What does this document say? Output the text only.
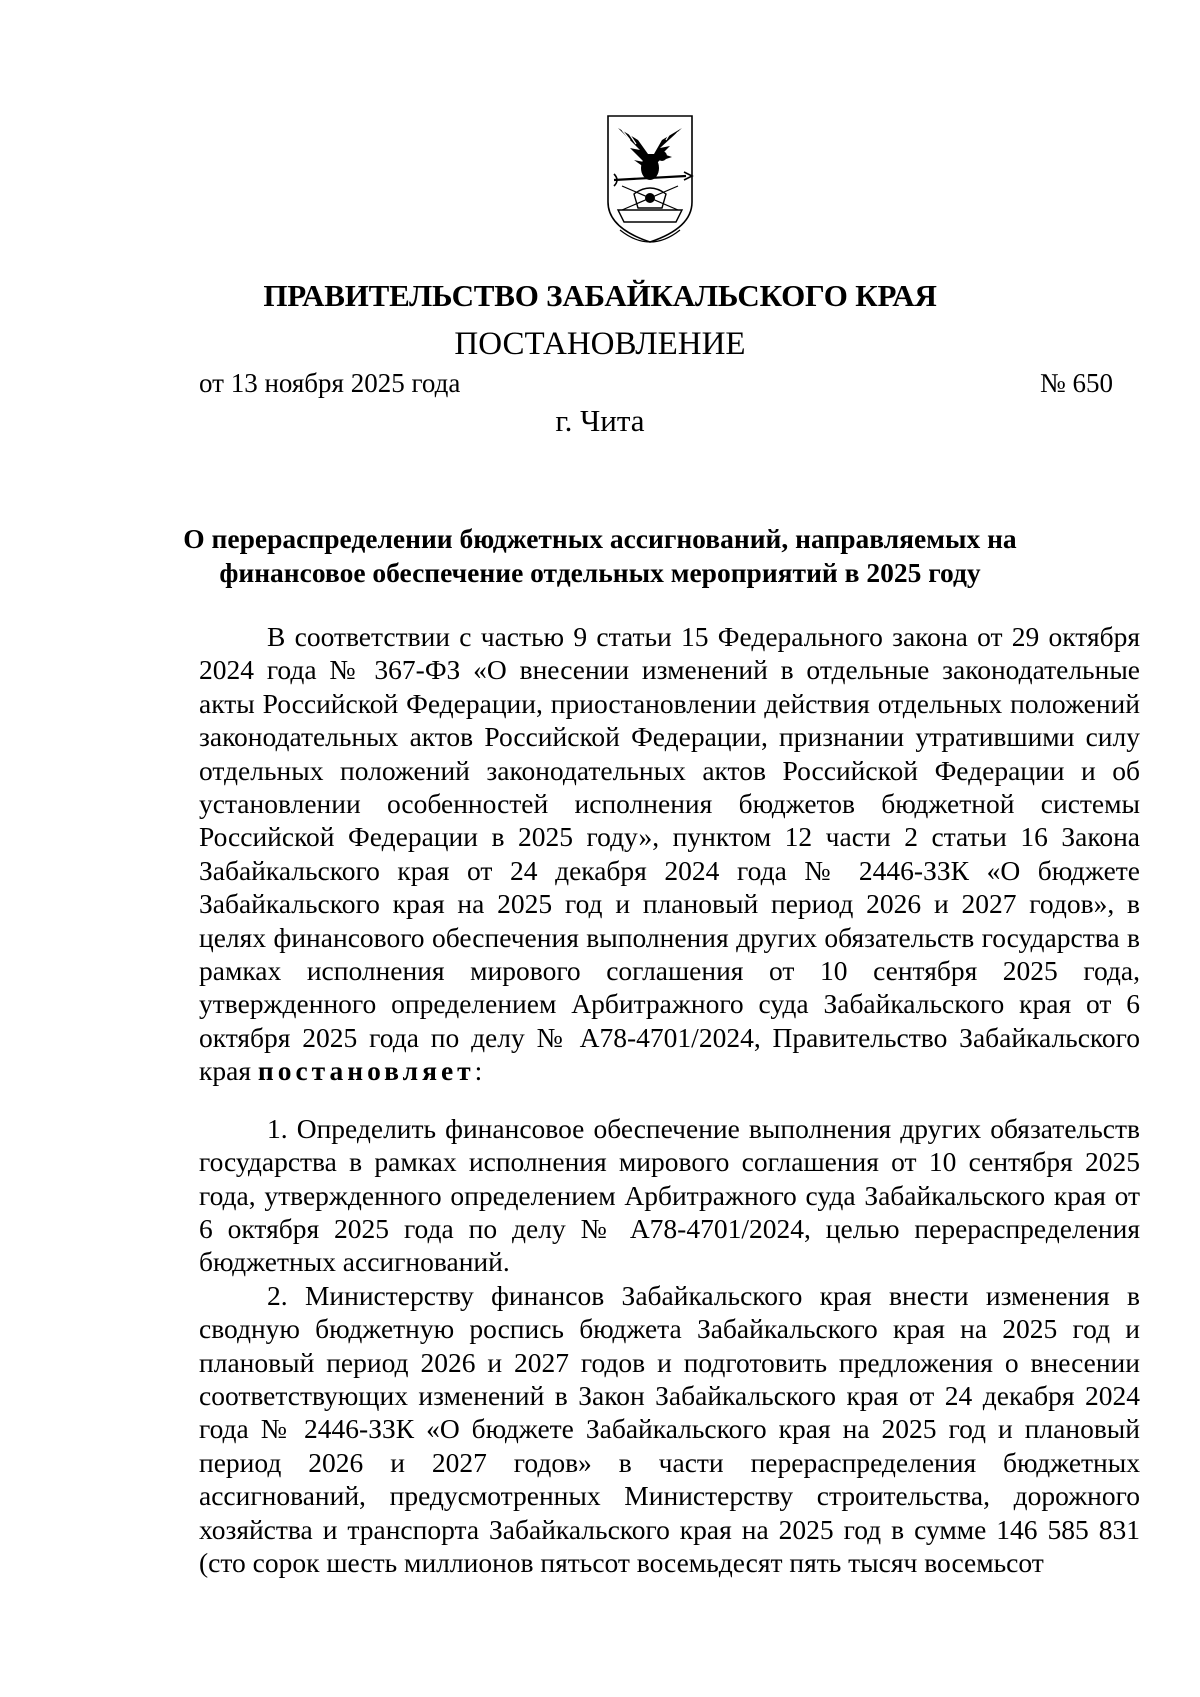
ПРАВИТЕЛЬСТВО ЗАБАЙКАЛЬСКОГО КРАЯ
ПОСТАНОВЛЕНИЕ
от 13 ноября 2025 года	№ 650
г. Чита
О перераспределении бюджетных ассигнований, направляемых на финансовое обеспечение отдельных мероприятий в 2025 году

В соответствии с частью 9 статьи 15 Федерального закона от 29 октября 2024 года № 367-ФЗ «О внесении изменений в отдельные законодательные акты Российской Федерации, приостановлении действия отдельных положений законодательных актов Российской Федерации, признании утратившими силу отдельных положений законодательных актов Российской Федерации и об установлении особенностей исполнения бюджетов бюджетной системы Российской Федерации в 2025 году», пунктом 12 части 2 статьи 16 Закона Забайкальского края от 24 декабря 2024 года № 2446-ЗЗК «О бюджете Забайкальского края на 2025 год и плановый период 2026 и 2027 годов», в целях финансового обеспечения выполнения других обязательств государства в рамках исполнения мирового соглашения от 10 сентября 2025 года, утвержденного определением Арбитражного суда Забайкальского края от 6 октября 2025 года по делу № А78-4701/2024, Правительство Забайкальского края постановляет:

1. Определить финансовое обеспечение выполнения других обязательств государства в рамках исполнения мирового соглашения от 10 сентября 2025 года, утвержденного определением Арбитражного суда Забайкальского края от 6 октября 2025 года по делу № А78-4701/2024, целью перераспределения бюджетных ассигнований.

2. Министерству финансов Забайкальского края внести изменения в сводную бюджетную роспись бюджета Забайкальского края на 2025 год и плановый период 2026 и 2027 годов и подготовить предложения о внесении соответствующих изменений в Закон Забайкальского края от 24 декабря 2024 года № 2446-ЗЗК «О бюджете Забайкальского края на 2025 год и плановый период 2026 и 2027 годов» в части перераспределения бюджетных ассигнований, предусмотренных Министерству строительства, дорожного хозяйства и транспорта Забайкальского края на 2025 год в сумме 146 585 831 (сто сорок шесть миллионов пятьсот восемьдесят пять тысяч восемьсот
